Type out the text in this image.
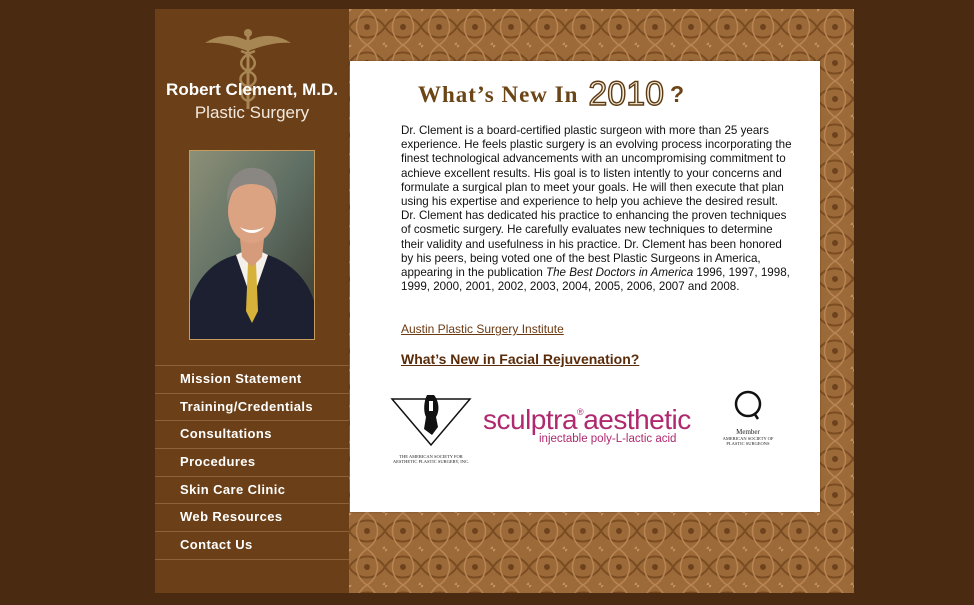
Robert Clement, M.D.
Plastic Surgery
Mission Statement
Training/Credentials
Consultations
Procedures
Skin Care Clinic
Web Resources
Contact Us
What’s New In 2010 ?
Dr. Clement is a board-certified plastic surgeon with more than 25 years experience. He feels plastic surgery is an evolving process incorporating the finest technological advancements with an uncompromising commitment to achieve excellent results. His goal is to listen intently to your concerns and formulate a surgical plan to meet your goals. He will then execute that plan using his expertise and experience to help you achieve the desired result. Dr. Clement has dedicated his practice to enhancing the proven techniques of cosmetic surgery. He carefully evaluates new techniques to determine their validity and usefulness in his practice. Dr. Clement has been honored by his peers, being voted one of the best Plastic Surgeons in America, appearing in the publication The Best Doctors in America 1996, 1997, 1998, 1999, 2000, 2001, 2002, 2003, 2004, 2005, 2006, 2007 and 2008.
Austin Plastic Surgery Institute
What’s New in Facial Rejuvenation?
THE AMERICAN SOCIETY FOR AESTHETIC PLASTIC SURGERY, INC.
sculptra®aesthetic
injectable poly-L-lactic acid
Member
AMERICAN SOCIETY OF PLASTIC SURGEONS
